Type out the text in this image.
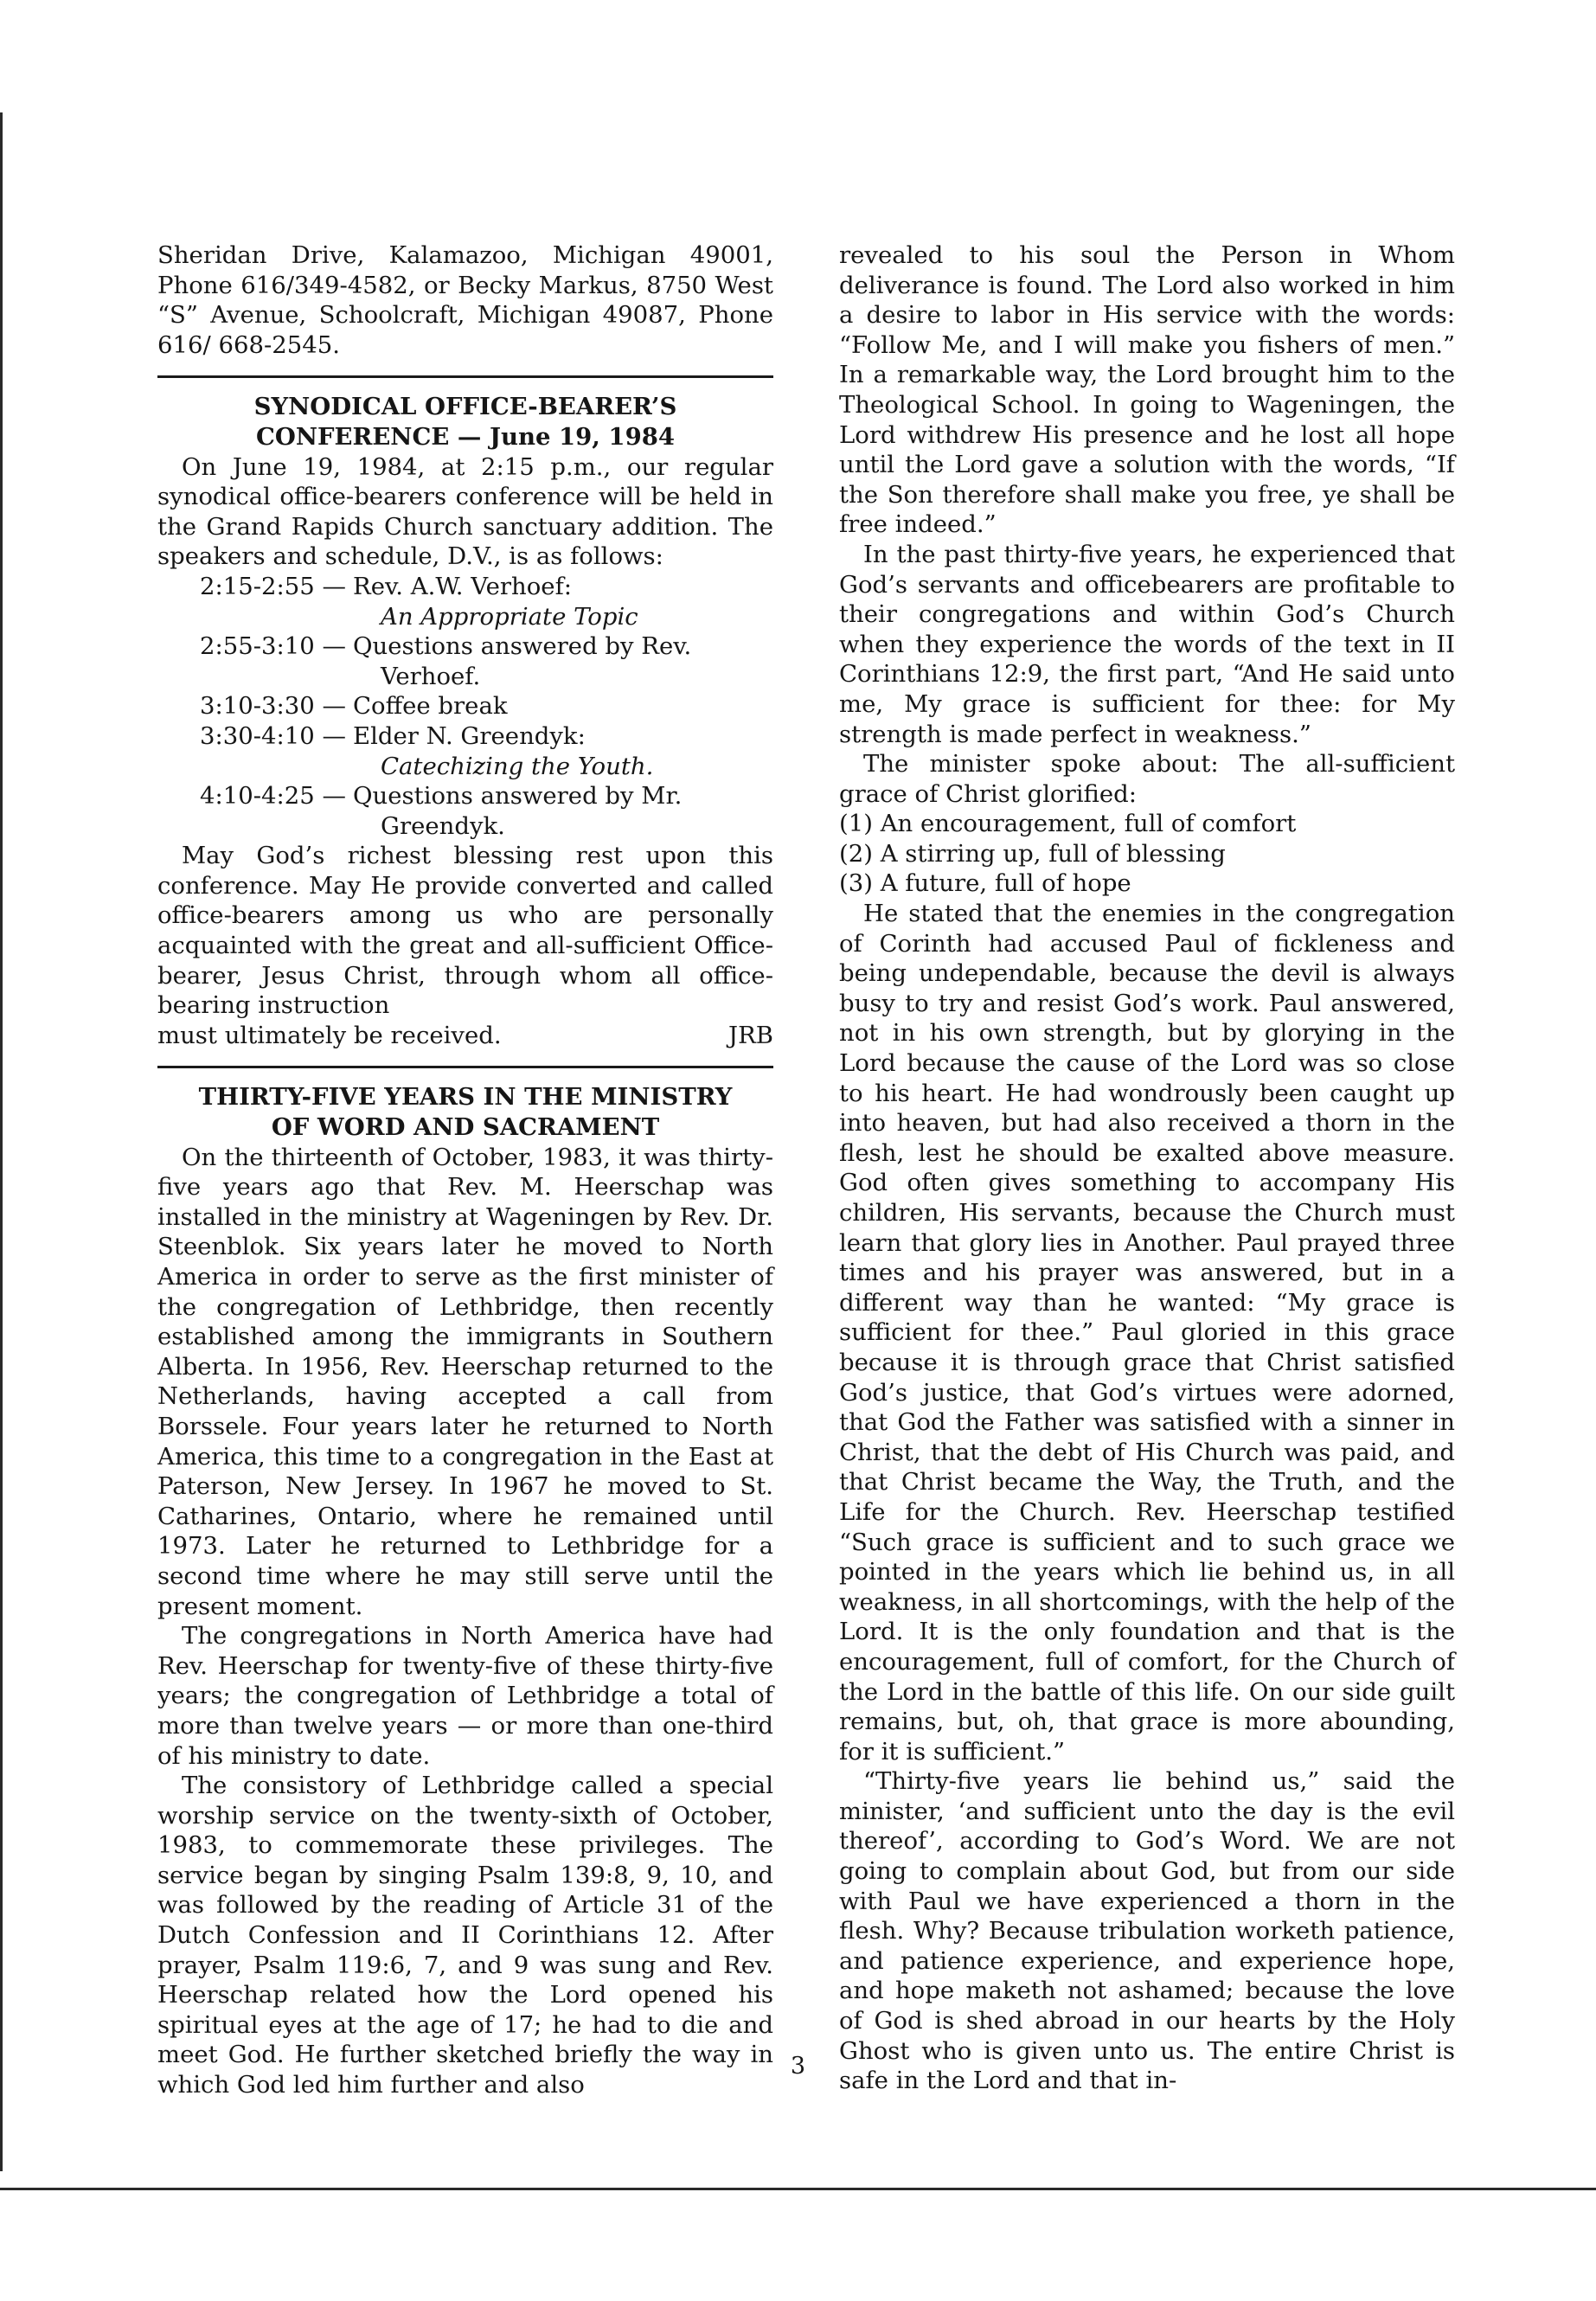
Sheridan Drive, Kalamazoo, Michigan 49001, Phone 616/349-4582, or Becky Markus, 8750 West “S” Avenue, Schoolcraft, Michigan 49087, Phone 616/ 668-2545.

SYNODICAL OFFICE-BEARER’S
CONFERENCE — June 19, 1984

On June 19, 1984, at 2:15 p.m., our regular synodical office-bearers conference will be held in the Grand Rapids Church sanctuary addition. The speakers and schedule, D.V., is as follows:

2:15-2:55 — Rev. A.W. Verhoef:
An Appropriate Topic
2:55-3:10 — Questions answered by Rev.
Verhoef.
3:10-3:30 — Coffee break
3:30-4:10 — Elder N. Greendyk:
Catechizing the Youth.
4:10-4:25 — Questions answered by Mr.
Greendyk.

May God’s richest blessing rest upon this conference. May He provide converted and called office-bearers among us who are personally acquainted with the great and all-sufficient Office-bearer, Jesus Christ, through whom all office-bearing instruction

must ultimately be received.	JRB
THIRTY-FIVE YEARS IN THE MINISTRY
OF WORD AND SACRAMENT

On the thirteenth of October, 1983, it was thirty-five years ago that Rev. M. Heerschap was installed in the ministry at Wageningen by Rev. Dr. Steenblok. Six years later he moved to North America in order to serve as the first minister of the congregation of Lethbridge, then recently established among the immigrants in Southern Alberta. In 1956, Rev. Heerschap returned to the Netherlands, having accepted a call from Borssele. Four years later he returned to North America, this time to a congregation in the East at Paterson, New Jersey. In 1967 he moved to St. Catharines, Ontario, where he remained until 1973. Later he returned to Lethbridge for a second time where he may still serve until the present moment.

The congregations in North America have had Rev. Heerschap for twenty-five of these thirty-five years; the congregation of Lethbridge a total of more than twelve years — or more than one-third of his ministry to date.

The consistory of Lethbridge called a special worship service on the twenty-sixth of October, 1983, to commemorate these privileges. The service began by singing Psalm 139:8, 9, 10, and was followed by the reading of Article 31 of the Dutch Confession and II Corinthians 12. After prayer, Psalm 119:6, 7, and 9 was sung and Rev. Heerschap related how the Lord opened his spiritual eyes at the age of 17; he had to die and meet God. He further sketched briefly the way in which God led him further and also

revealed to his soul the Person in Whom deliverance is found. The Lord also worked in him a desire to labor in His service with the words: “Follow Me, and I will make you fishers of men.” In a remarkable way, the Lord brought him to the Theological School. In going to Wageningen, the Lord withdrew His presence and he lost all hope until the Lord gave a solution with the words, “If the Son therefore shall make you free, ye shall be free indeed.”

In the past thirty-five years, he experienced that God’s servants and officebearers are profitable to their congregations and within God’s Church when they experience the words of the text in II Corinthians 12:9, the first part, “And He said unto me, My grace is sufficient for thee: for My strength is made perfect in weakness.”

The minister spoke about: The all-sufficient grace of Christ glorified:

(1) An encouragement, full of comfort
(2) A stirring up, full of blessing
(3) A future, full of hope

He stated that the enemies in the congregation of Corinth had accused Paul of fickleness and being undependable, because the devil is always busy to try and resist God’s work. Paul answered, not in his own strength, but by glorying in the Lord because the cause of the Lord was so close to his heart. He had wondrously been caught up into heaven, but had also received a thorn in the flesh, lest he should be exalted above measure. God often gives something to accompany His children, His servants, because the Church must learn that glory lies in Another. Paul prayed three times and his prayer was answered, but in a different way than he wanted: “My grace is sufficient for thee.” Paul gloried in this grace because it is through grace that Christ satisfied God’s justice, that God’s virtues were adorned, that God the Father was satisfied with a sinner in Christ, that the debt of His Church was paid, and that Christ became the Way, the Truth, and the Life for the Church. Rev. Heerschap testified “Such grace is sufficient and to such grace we pointed in the years which lie behind us, in all weakness, in all shortcomings, with the help of the Lord. It is the only foundation and that is the encouragement, full of comfort, for the Church of the Lord in the battle of this life. On our side guilt remains, but, oh, that grace is more abounding, for it is sufficient.”

“Thirty-five years lie behind us,” said the minister, ‘and sufficient unto the day is the evil thereof’, according to God’s Word. We are not going to complain about God, but from our side with Paul we have experienced a thorn in the flesh. Why? Because tribulation worketh patience, and patience experience, and experience hope, and hope maketh not ashamed; because the love of God is shed abroad in our hearts by the Holy Ghost who is given unto us. The entire Christ is safe in the Lord and that in-

3
